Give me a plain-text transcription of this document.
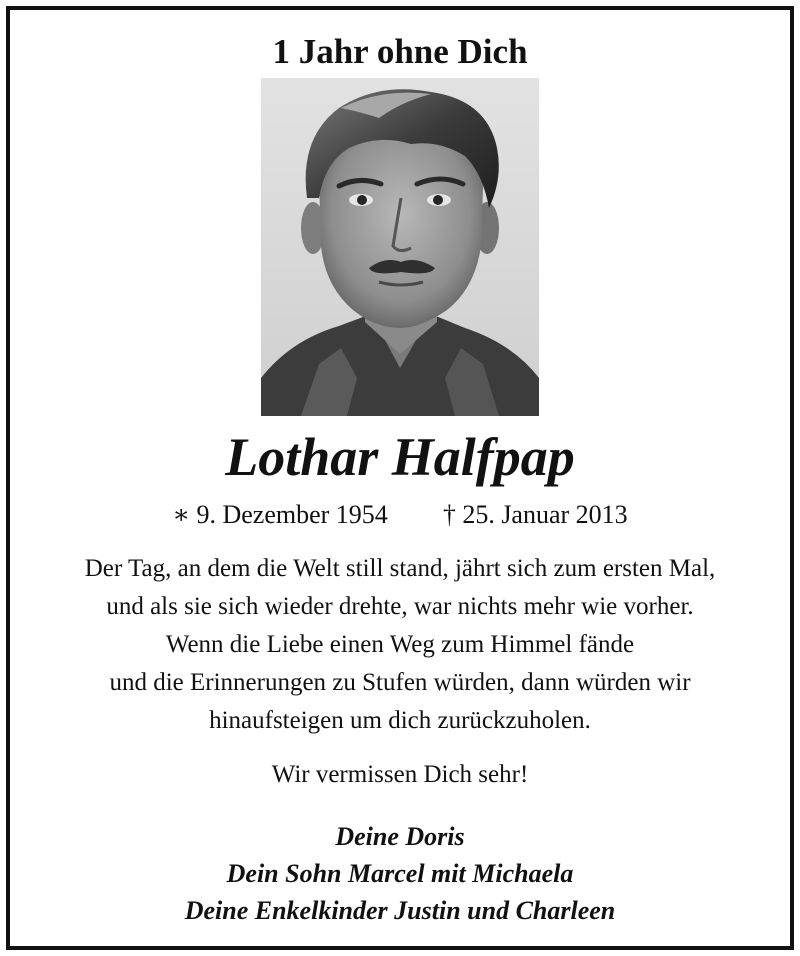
1 Jahr ohne Dich
Lothar Halfpap
∗ 9. Dezember 1954 † 25. Januar 2013
Der Tag, an dem die Welt still stand, jährt sich zum ersten Mal,
und als sie sich wieder drehte, war nichts mehr wie vorher.
Wenn die Liebe einen Weg zum Himmel fände
und die Erinnerungen zu Stufen würden, dann würden wir
hinaufsteigen um dich zurückzuholen.
Wir vermissen Dich sehr!
Deine Doris
Dein Sohn Marcel mit Michaela
Deine Enkelkinder Justin und Charleen
